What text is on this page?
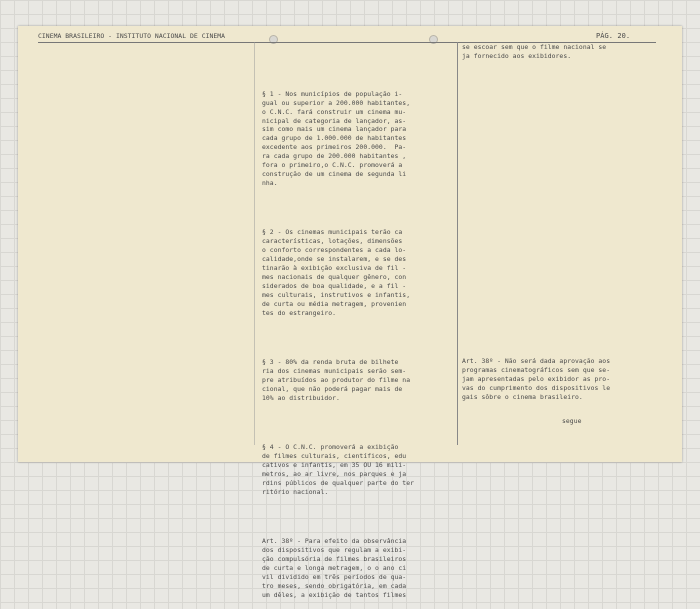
CINEMA BRASILEIRO - INSTITUTO NACIONAL DE CINEMA	PÁG. 20.

§ 1 - Nos municípios de população i-
gual ou superior a 200.000 habitantes,
o C.N.C. fará construir um cinema mu-
nicipal de categoria de lançador, as-
sim como mais um cinema lançador para
cada grupo de 1.000.000 de habitantes
excedente aos primeiros 200.000.  Pa-
ra cada grupo de 200.000 habitantes ,
fora o primeiro,o C.N.C. promoverá a
construção de um cinema de segunda li
nha.

§ 2 - Os cinemas municipais terão ca
características, lotações, dimensões
o conforto correspondentes a cada lo-
calidade,onde se instalarem, e se des
tinarão à exibição exclusiva de fil -
mes nacionais de qualquer gênero, con
siderados de boa qualidade, e a fil -
mes culturais, instrutivos e infantis,
de curta ou média metragem, provenien
tes do estrangeiro.

§ 3 - 80% da renda bruta de bilhete
ria dos cinemas municipais serão sem-
pre atribuídos ao produtor do filme na
cional, que não poderá pagar mais de
10% ao distribuidor.

§ 4 - O C.N.C. promoverá a exibição
de filmes culturais, científicos, edu
cativos e infantis, em 35 OU 16 mili-
metros, ao ar livre, nos parques e ja
rdins públicos de qualquer parte do ter
ritório nacional.

Art. 38º - Para efeito da observância
dos dispositivos que regulam a exibi-
ção compulsória de filmes brasileiros
de curta e longa metragem, o o ano ci
vil dividido em três períodos de qua-
tro meses, sendo obrigatória, em cada
um dêles, a exibição de tantos filmes

se escoar sem que o filme nacional se
ja fornecido aos exibidores.
Art. 38º - Não será dada aprovação aos
programas cinematográficos sem que se-
jam apresentadas pelo exibidor as pro-
vas do cumprimento dos dispositivos le
gais sôbre o cinema brasileiro.
segue
